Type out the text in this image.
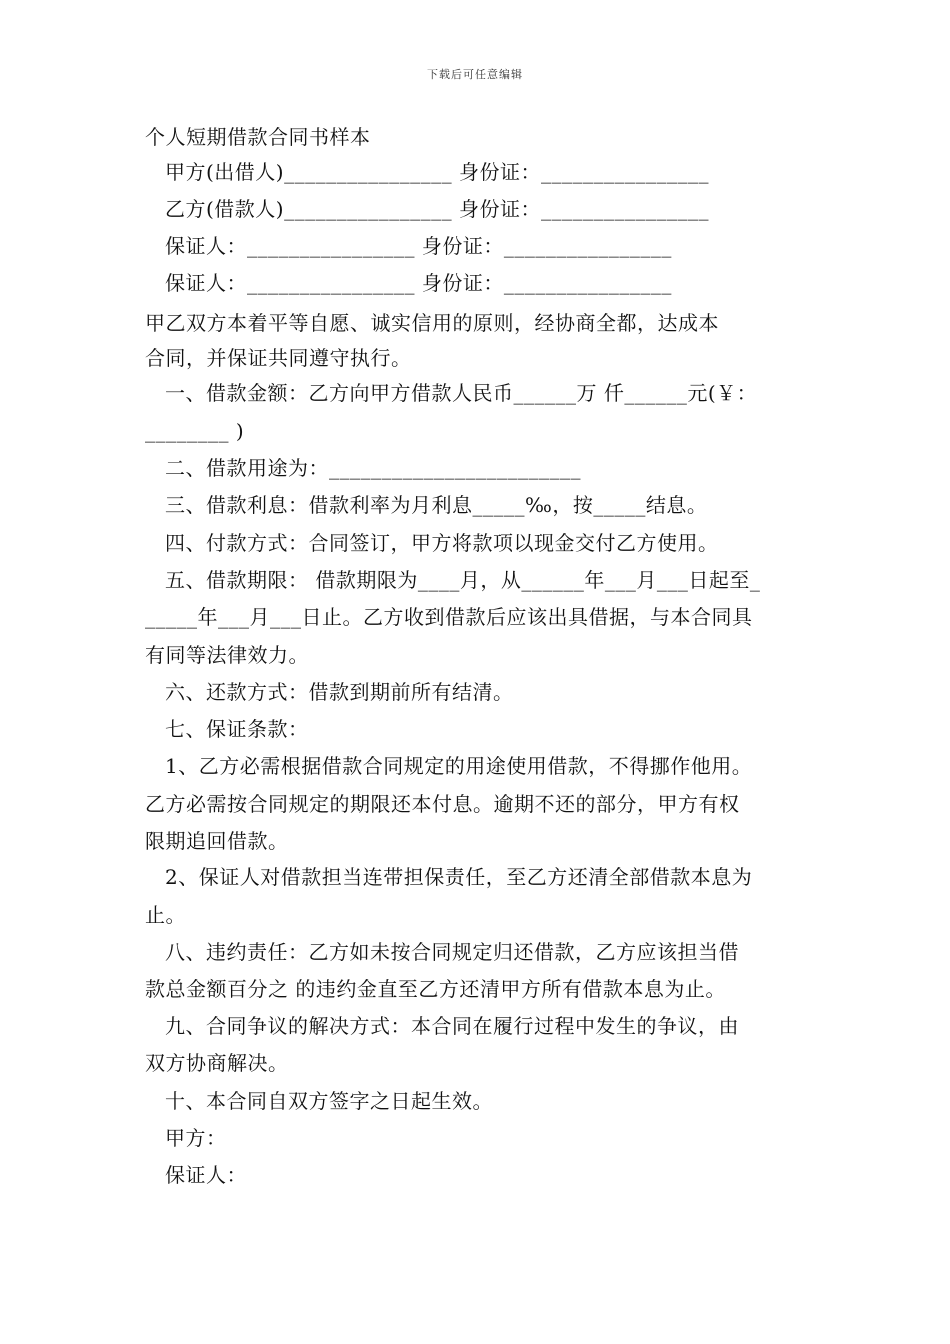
下载后可任意编辑
个人短期借款合同书样本
甲方(出借人)________________ 身份证：________________
乙方(借款人)________________ 身份证：________________
保证人：________________ 身份证：________________
保证人：________________ 身份证：________________
甲乙双方本着平等自愿、诚实信用的原则，经协商全都，达成本
合同，并保证共同遵守执行。
一、借款金额：乙方向甲方借款人民币______万 仟______元(￥：
________ )
二、借款用途为：________________________
三、借款利息：借款利率为月利息_____‰，按_____结息。
四、付款方式：合同签订，甲方将款项以现金交付乙方使用。
五、借款期限： 借款期限为____月，从______年___月___日起至_
_____年___月___日止。乙方收到借款后应该出具借据，与本合同具
有同等法律效力。
六、还款方式：借款到期前所有结清。
七、保证条款：
1、乙方必需根据借款合同规定的用途使用借款，不得挪作他用。
乙方必需按合同规定的期限还本付息。逾期不还的部分，甲方有权
限期追回借款。
2、保证人对借款担当连带担保责任，至乙方还清全部借款本息为
止。
八、违约责任：乙方如未按合同规定归还借款，乙方应该担当借
款总金额百分之 的违约金直至乙方还清甲方所有借款本息为止。
九、合同争议的解决方式：本合同在履行过程中发生的争议，由
双方协商解决。
十、本合同自双方签字之日起生效。
甲方：
保证人：
